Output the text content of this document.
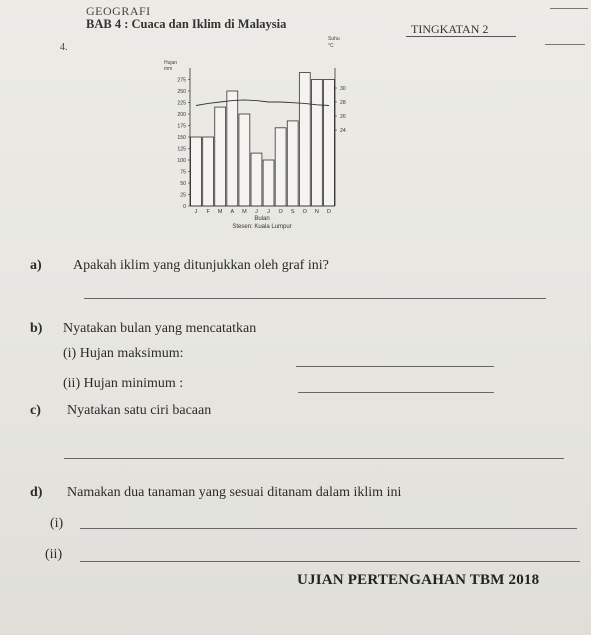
GEOGRAFI
BAB 4 : Cuaca dan Iklim di Malaysia	TINGKATAN 2
4.
Suhu °C
Hujan mm
275
250
225
200
175
150
125
100
75
50
25
0
30
28
26
24
J F M A M J J O S O N D
Bulan
Stesen: Kuala Lumpur
a) Apakah iklim yang ditunjukkan oleh graf ini?
b) Nyatakan bulan yang mencatatkan
(i) Hujan maksimum:
(ii) Hujan minimum :
c) Nyatakan satu ciri bacaan
d) Namakan dua tanaman yang sesuai ditanam dalam iklim ini
(i)
(ii)
UJIAN PERTENGAHAN TBM 2018
